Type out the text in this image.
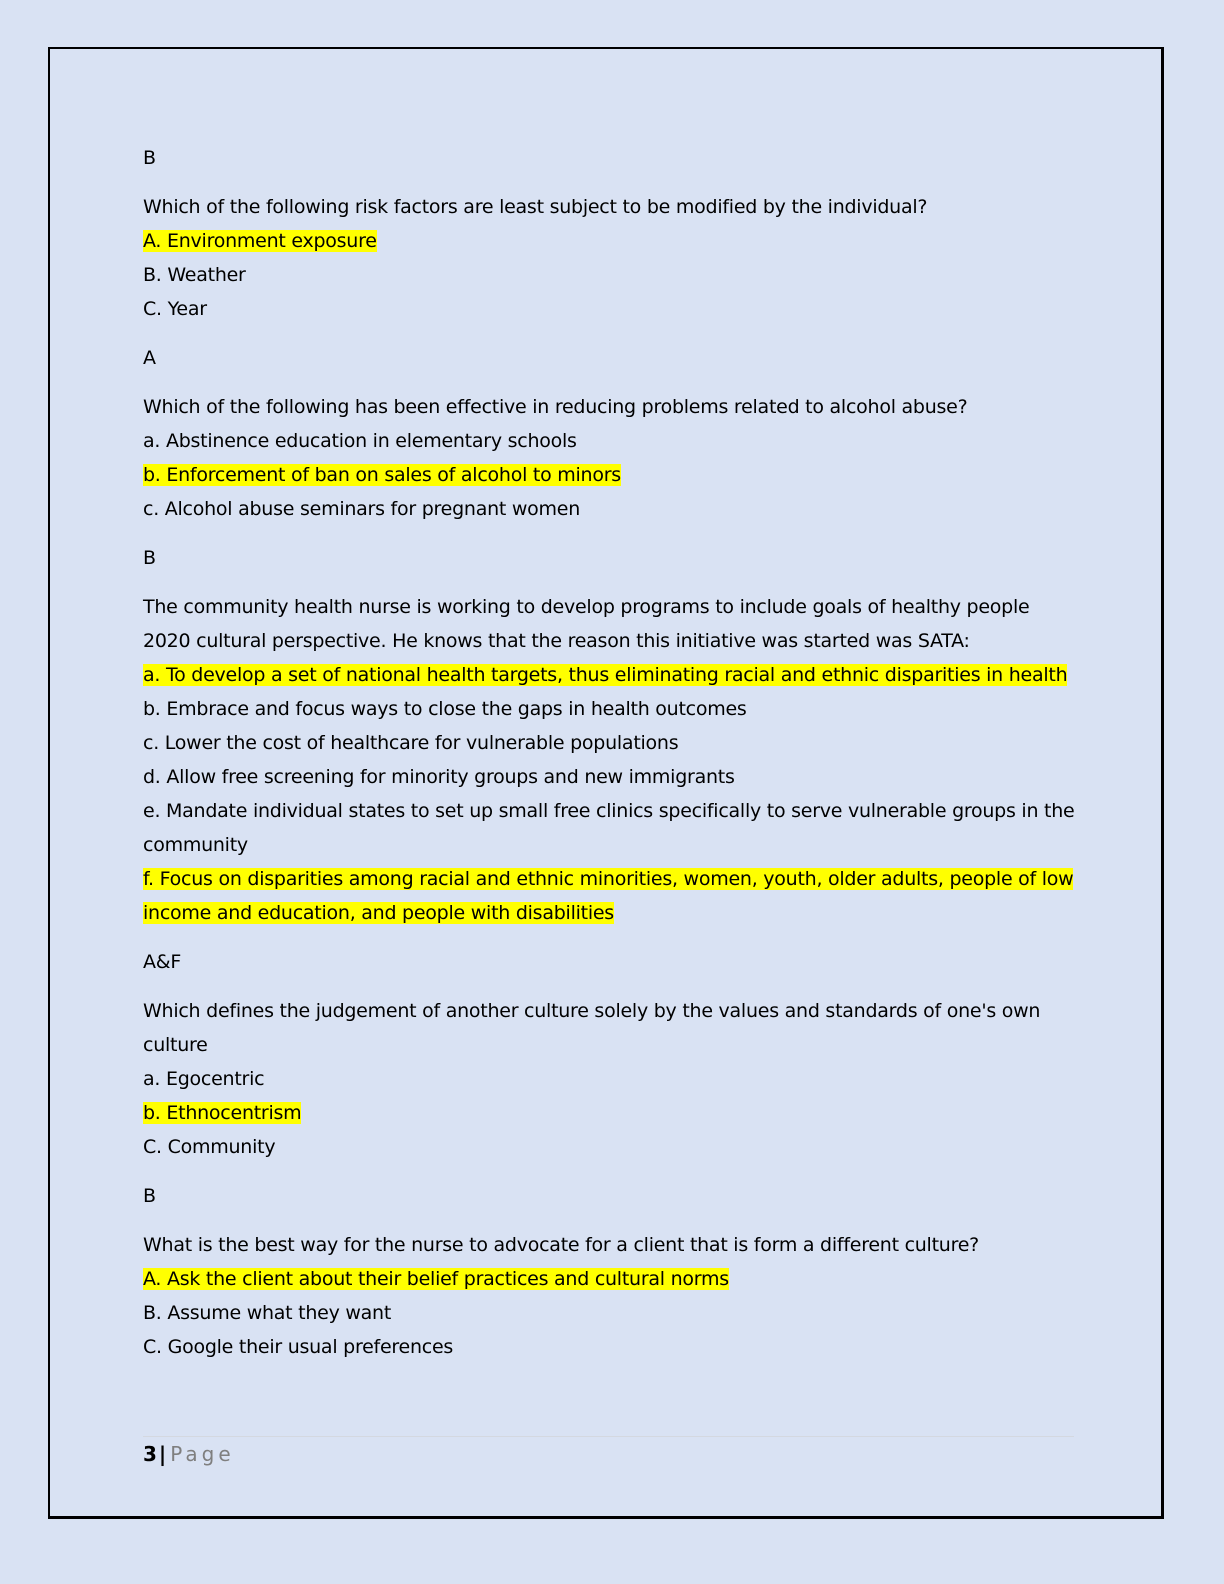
B

Which of the following risk factors are least subject to be modified by the individual?

A. Environment exposure

B. Weather

C. Year

A

Which of the following has been effective in reducing problems related to alcohol abuse?

a. Abstinence education in elementary schools

b. Enforcement of ban on sales of alcohol to minors

c. Alcohol abuse seminars for pregnant women

B

The community health nurse is working to develop programs to include goals of healthy people 2020 cultural perspective. He knows that the reason this initiative was started was SATA:

a. To develop a set of national health targets, thus eliminating racial and ethnic disparities in health

b. Embrace and focus ways to close the gaps in health outcomes

c. Lower the cost of healthcare for vulnerable populations

d. Allow free screening for minority groups and new immigrants

e. Mandate individual states to set up small free clinics specifically to serve vulnerable groups in the community

f. Focus on disparities among racial and ethnic minorities, women, youth, older adults, people of low income and education, and people with disabilities

A&F

Which defines the judgement of another culture solely by the values and standards of one's own culture

a. Egocentric

b. Ethnocentrism

C. Community

B

What is the best way for the nurse to advocate for a client that is form a different culture?

A. Ask the client about their belief practices and cultural norms

B. Assume what they want

C. Google their usual preferences

3 | Page
